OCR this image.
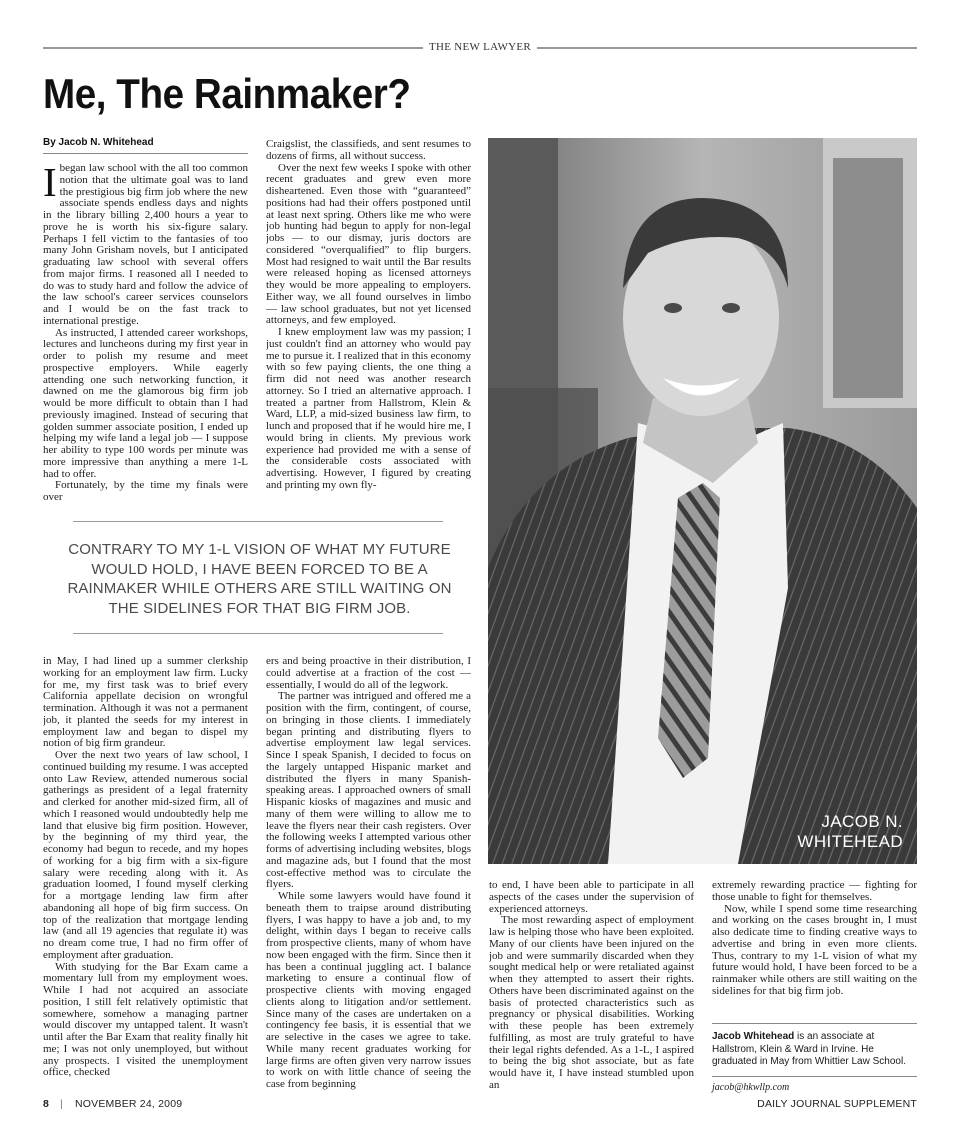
THE NEW LAWYER
Me, The Rainmaker?
By Jacob N. Whitehead

Ibegan law school with the all too common notion that the ultimate goal was to land the prestigious big firm job where the new associate spends endless days and nights in the library billing 2,400 hours a year to prove he is worth his six-figure salary. Perhaps I fell victim to the fantasies of too many John Grisham novels, but I anticipated graduating law school with several offers from major firms. I reasoned all I needed to do was to study hard and follow the advice of the law school's career services counselors and I would be on the fast track to international prestige.

As instructed, I attended career workshops, lectures and luncheons during my first year in order to polish my resume and meet prospective employers. While eagerly attending one such networking function, it dawned on me the glamorous big firm job would be more difficult to obtain than I had previously imagined. Instead of securing that golden summer associate position, I ended up helping my wife land a legal job — I suppose her ability to type 100 words per minute was more impressive than anything a mere 1-L had to offer.

Fortunately, by the time my finals were over

Craigslist, the classifieds, and sent resumes to dozens of firms, all without success.

Over the next few weeks I spoke with other recent graduates and grew even more disheartened. Even those with “guaranteed” positions had had their offers postponed until at least next spring. Others like me who were job hunting had begun to apply for non-legal jobs — to our dismay, juris doctors are considered “overqualified” to flip burgers. Most had resigned to wait until the Bar results were released hoping as licensed attorneys they would be more appealing to employers. Either way, we all found ourselves in limbo — law school graduates, but not yet licensed attorneys, and few employed.

I knew employment law was my passion; I just couldn't find an attorney who would pay me to pursue it. I realized that in this economy with so few paying clients, the one thing a firm did not need was another research attorney. So I tried an alternative approach. I treated a partner from Hallstrom, Klein & Ward, LLP, a mid-sized business law firm, to lunch and proposed that if he would hire me, I would bring in clients. My previous work experience had provided me with a sense of the considerable costs associated with advertising. However, I figured by creating and printing my own fly-

CONTRARY TO MY 1-L VISION OF WHAT MY FUTURE WOULD HOLD, I HAVE BEEN FORCED TO BE A RAINMAKER WHILE OTHERS ARE STILL WAITING ON THE SIDELINES FOR THAT BIG FIRM JOB.
JACOB N.
WHITEHEAD

in May, I had lined up a summer clerkship working for an employment law firm. Lucky for me, my first task was to brief every California appellate decision on wrongful termination. Although it was not a permanent job, it planted the seeds for my interest in employment law and began to dispel my notion of big firm grandeur.

Over the next two years of law school, I continued building my resume. I was accepted onto Law Review, attended numerous social gatherings as president of a legal fraternity and clerked for another mid-sized firm, all of which I reasoned would undoubtedly help me land that elusive big firm position. However, by the beginning of my third year, the economy had begun to recede, and my hopes of working for a big firm with a six-figure salary were receding along with it. As graduation loomed, I found myself clerking for a mortgage lending law firm after abandoning all hope of big firm success. On top of the realization that mortgage lending law (and all 19 agencies that regulate it) was no dream come true, I had no firm offer of employment after graduation.

With studying for the Bar Exam came a momentary lull from my employment woes. While I had not acquired an associate position, I still felt relatively optimistic that somewhere, somehow a managing partner would discover my untapped talent. It wasn't until after the Bar Exam that reality finally hit me; I was not only unemployed, but without any prospects. I visited the unemployment office, checked

ers and being proactive in their distribution, I could advertise at a fraction of the cost — essentially, I would do all of the legwork.

The partner was intrigued and offered me a position with the firm, contingent, of course, on bringing in those clients. I immediately began printing and distributing flyers to advertise employment law legal services. Since I speak Spanish, I decided to focus on the largely untapped Hispanic market and distributed the flyers in many Spanish-speaking areas. I approached owners of small Hispanic kiosks of magazines and music and many of them were willing to allow me to leave the flyers near their cash registers. Over the following weeks I attempted various other forms of advertising including websites, blogs and magazine ads, but I found that the most cost-effective method was to circulate the flyers.

While some lawyers would have found it beneath them to traipse around distributing flyers, I was happy to have a job and, to my delight, within days I began to receive calls from prospective clients, many of whom have now been engaged with the firm. Since then it has been a continual juggling act. I balance marketing to ensure a continual flow of prospective clients with moving engaged clients along to litigation and/or settlement. Since many of the cases are undertaken on a contingency fee basis, it is essential that we are selective in the cases we agree to take. While many recent graduates working for large firms are often given very narrow issues to work on with little chance of seeing the case from beginning

to end, I have been able to participate in all aspects of the cases under the supervision of experienced attorneys.

The most rewarding aspect of employment law is helping those who have been exploited. Many of our clients have been injured on the job and were summarily discarded when they sought medical help or were retaliated against when they attempted to assert their rights. Others have been discriminated against on the basis of protected characteristics such as pregnancy or physical disabilities. Working with these people has been extremely fulfilling, as most are truly grateful to have their legal rights defended. As a 1-L, I aspired to being the big shot associate, but as fate would have it, I have instead stumbled upon an

extremely rewarding practice — fighting for those unable to fight for themselves.

Now, while I spend some time researching and working on the cases brought in, I must also dedicate time to finding creative ways to advertise and bring in even more clients. Thus, contrary to my 1-L vision of what my future would hold, I have been forced to be a rainmaker while others are still waiting on the sidelines for that big firm job.

Jacob Whitehead is an associate at Hallstrom, Klein & Ward in Irvine. He graduated in May from Whittier Law School.
jacob@hkwllp.com
8 | NOVEMBER 24, 2009	DAILY JOURNAL SUPPLEMENT
